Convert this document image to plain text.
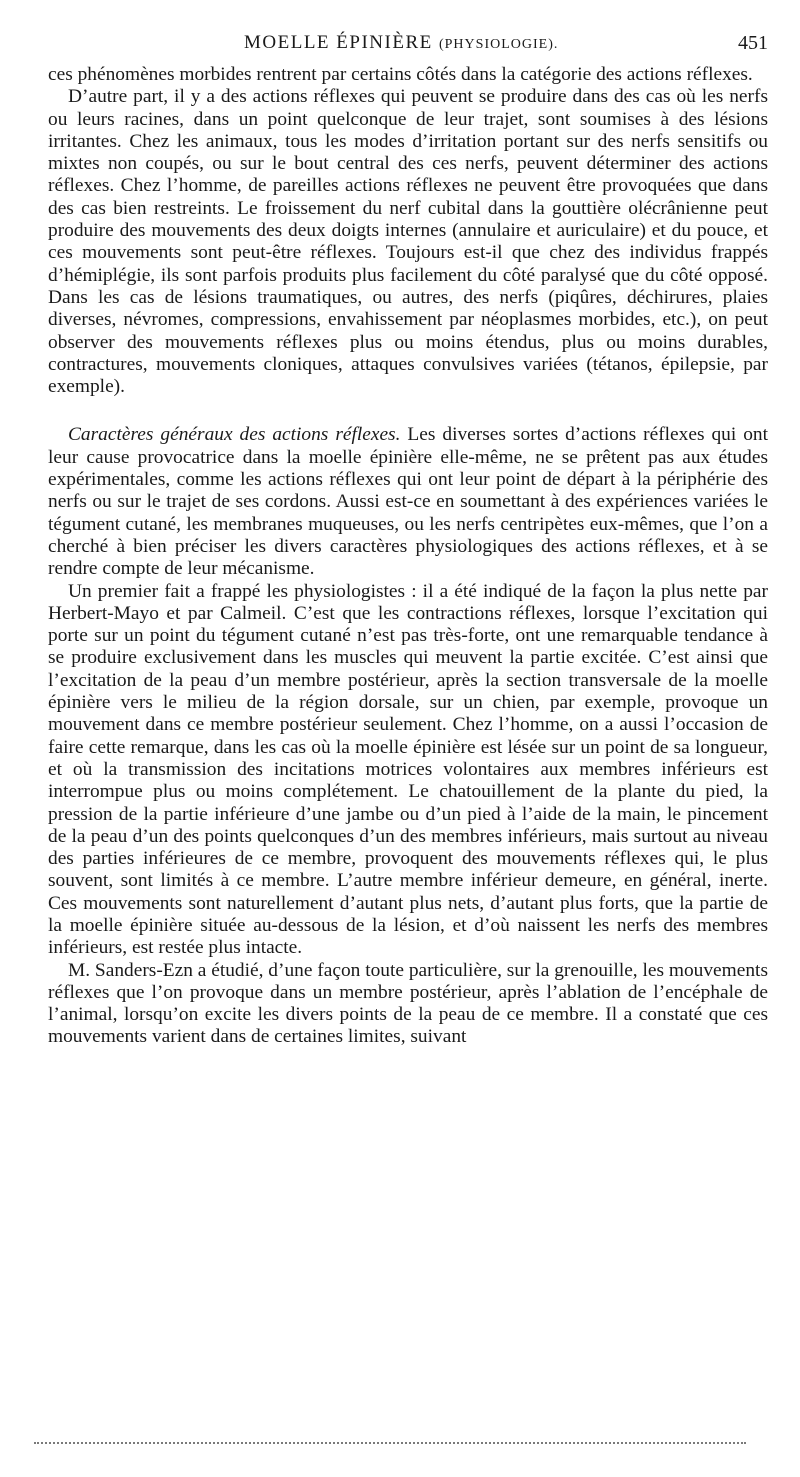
MOELLE ÉPINIÈRE (PHYSIOLOGIE).	451

ces phénomènes morbides rentrent par certains côtés dans la catégorie des actions réflexes.

D’autre part, il y a des actions réflexes qui peuvent se produire dans des cas où les nerfs ou leurs racines, dans un point quelconque de leur trajet, sont soumises à des lésions irritantes. Chez les animaux, tous les modes d’irritation portant sur des nerfs sensitifs ou mixtes non coupés, ou sur le bout central des ces nerfs, peuvent déterminer des actions réflexes. Chez l’homme, de pareilles actions réflexes ne peuvent être provoquées que dans des cas bien restreints. Le froissement du nerf cubital dans la gouttière olécrânienne peut produire des mouvements des deux doigts internes (annulaire et auriculaire) et du pouce, et ces mouvements sont peut-être réflexes. Toujours est-il que chez des individus frappés d’hémiplégie, ils sont parfois produits plus facilement du côté paralysé que du côté opposé. Dans les cas de lésions traumatiques, ou autres, des nerfs (piqûres, déchirures, plaies diverses, névromes, compressions, envahissement par néoplasmes morbides, etc.), on peut observer des mouvements réflexes plus ou moins étendus, plus ou moins durables, contractures, mouvements cloniques, attaques convulsives variées (tétanos, épilepsie, par exemple).

Caractères généraux des actions réflexes. Les diverses sortes d’actions réflexes qui ont leur cause provocatrice dans la moelle épinière elle-même, ne se prêtent pas aux études expérimentales, comme les actions réflexes qui ont leur point de départ à la périphérie des nerfs ou sur le trajet de ses cordons. Aussi est-ce en soumettant à des expériences variées le tégument cutané, les membranes muqueuses, ou les nerfs centripètes eux-mêmes, que l’on a cherché à bien préciser les divers caractères physiologiques des actions réflexes, et à se rendre compte de leur mécanisme.

Un premier fait a frappé les physiologistes : il a été indiqué de la façon la plus nette par Herbert-Mayo et par Calmeil. C’est que les contractions réflexes, lorsque l’excitation qui porte sur un point du tégument cutané n’est pas très-forte, ont une remarquable tendance à se produire exclusivement dans les muscles qui meuvent la partie excitée. C’est ainsi que l’excitation de la peau d’un membre postérieur, après la section transversale de la moelle épinière vers le milieu de la région dorsale, sur un chien, par exemple, provoque un mouvement dans ce membre postérieur seulement. Chez l’homme, on a aussi l’occasion de faire cette remarque, dans les cas où la moelle épinière est lésée sur un point de sa longueur, et où la transmission des incitations motrices volontaires aux membres inférieurs est interrompue plus ou moins complétement. Le chatouillement de la plante du pied, la pression de la partie inférieure d’une jambe ou d’un pied à l’aide de la main, le pincement de la peau d’un des points quelconques d’un des membres inférieurs, mais surtout au niveau des parties inférieures de ce membre, provoquent des mouvements réflexes qui, le plus souvent, sont limités à ce membre. L’autre membre inférieur demeure, en général, inerte. Ces mouvements sont naturellement d’autant plus nets, d’autant plus forts, que la partie de la moelle épinière située au-dessous de la lésion, et d’où naissent les nerfs des membres inférieurs, est restée plus intacte.

M. Sanders-Ezn a étudié, d’une façon toute particulière, sur la grenouille, les mouvements réflexes que l’on provoque dans un membre postérieur, après l’ablation de l’encéphale de l’animal, lorsqu’on excite les divers points de la peau de ce membre. Il a constaté que ces mouvements varient dans de certaines limites, suivant
